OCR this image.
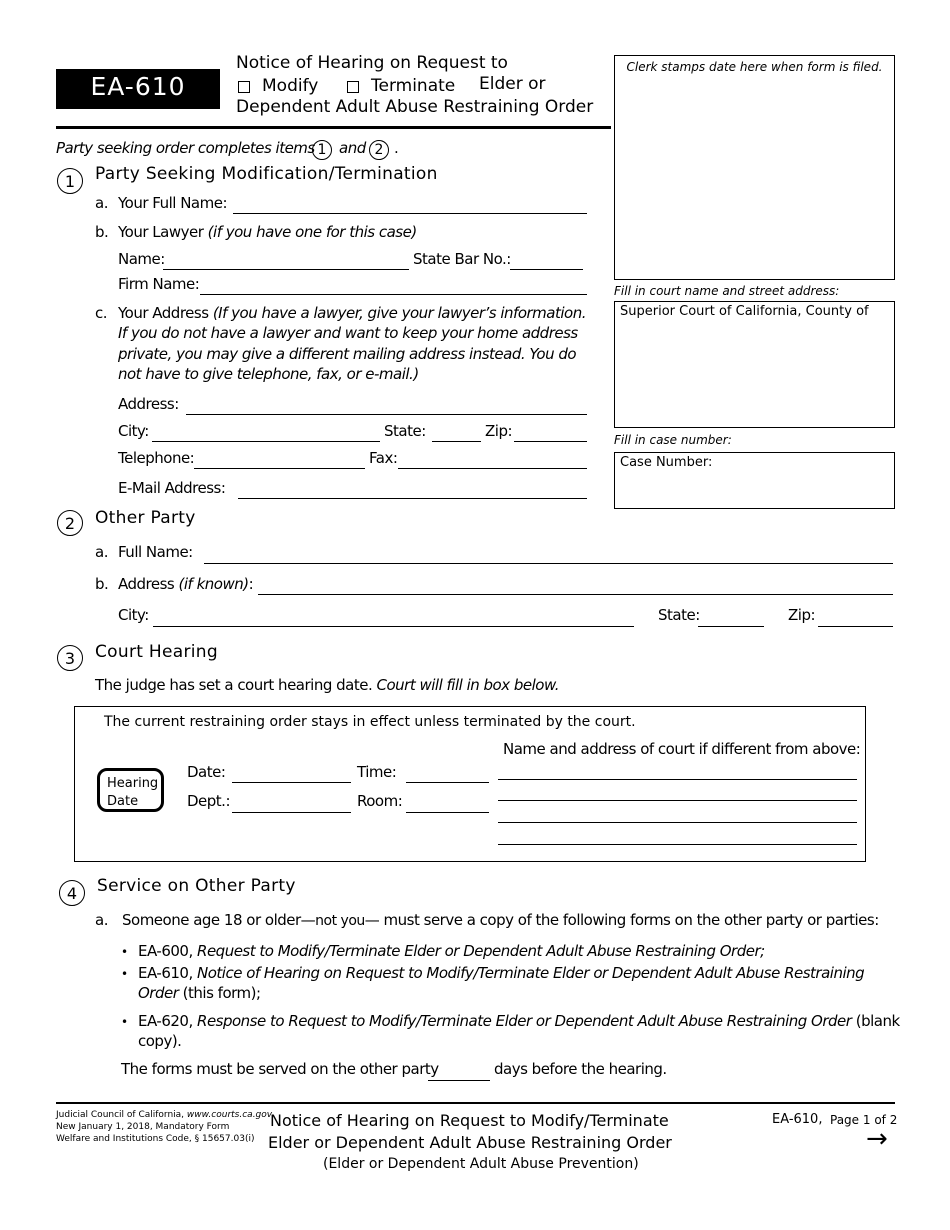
EA-610
Notice of Hearing on Request to
Modify	Terminate Elder or
Dependent Adult Abuse Restraining Order
Clerk stamps date here when form is filed.
Fill in court name and street address:
Superior Court of California, County of
Fill in case number:
Case Number:
Party seeking order completes items 1 and 2 .
1	Party Seeking Modification/Termination
a. Your Full Name:
b. Your Lawyer (if you have one for this case)
Name:	State Bar No.:
Firm Name:
c. Your Address (If you have a lawyer, give your lawyer’s information.
If you do not have a lawyer and want to keep your home address
private, you may give a different mailing address instead. You do
not have to give telephone, fax, or e-mail.)
Address:
City:	State:	Zip:
Telephone:	Fax:
E-Mail Address:
2	Other Party
a. Full Name:
b. Address (if known):
City:	State:	Zip:
3	Court Hearing
The judge has set a court hearing date. Court will fill in box below.
The current restraining order stays in effect unless terminated by the court.
Name and address of court if different from above:
Hearing
Date
Date:	Time:
Dept.:	Room:
4	Service on Other Party
a. Someone age 18 or older—not you— must serve a copy of the following forms on the other party or parties:
• EA-600, Request to Modify/Terminate Elder or Dependent Adult Abuse Restraining Order;
• EA-610, Notice of Hearing on Request to Modify/Terminate Elder or Dependent Adult Abuse Restraining
Order (this form);
• EA-620, Response to Request to Modify/Terminate Elder or Dependent Adult Abuse Restraining Order (blank
copy).
The forms must be served on the other party	days before the hearing.
Judicial Council of California, www.courts.ca.gov
New January 1, 2018, Mandatory Form
Welfare and Institutions Code, § 15657.03(i)
Notice of Hearing on Request to Modify/Terminate
Elder or Dependent Adult Abuse Restraining Order
(Elder or Dependent Adult Abuse Prevention)
EA-610, Page 1 of 2
→
